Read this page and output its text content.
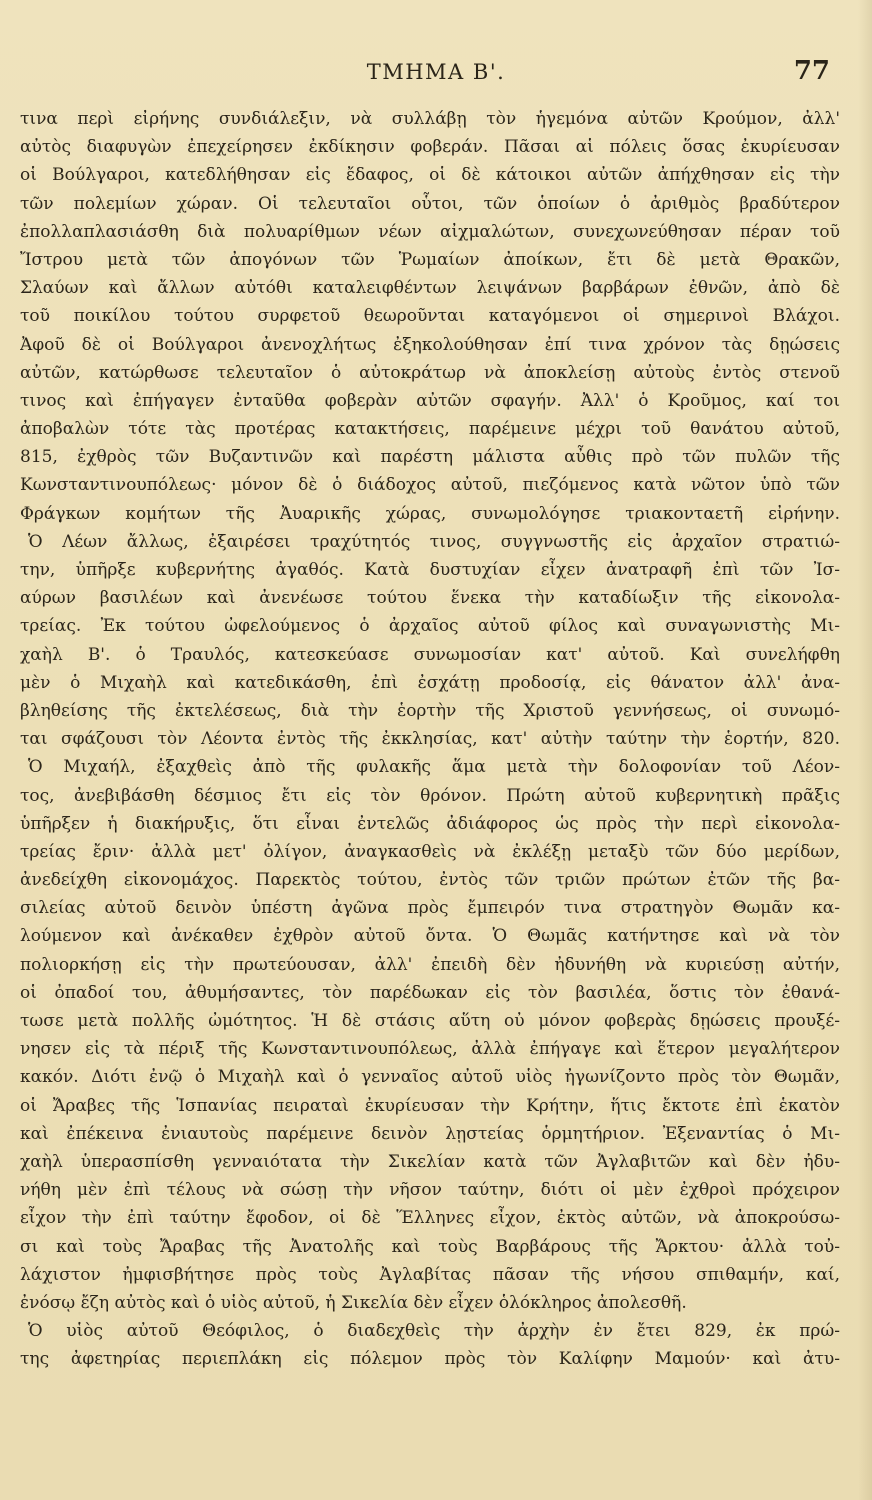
ΤΜΗΜΑ Β'.	77
τινα περὶ εἰρήνης συνδιάλεξιν, νὰ συλλάβῃ τὸν ἡγεμόνα αὐτῶν Κρούμον, ἀλλ'
αὐτὸς διαφυγὼν ἐπεχείρησεν ἐκδίκησιν φοβεράν. Πᾶσαι αἱ πόλεις ὅσας ἐκυρίευσαν
οἱ Βούλγαροι, κατεδλήθησαν εἰς ἔδαφος, οἱ δὲ κάτοικοι αὐτῶν ἀπήχθησαν εἰς τὴν
τῶν πολεμίων χώραν. Οἱ τελευταῖοι οὗτοι, τῶν ὁποίων ὁ ἀριθμὸς βραδύτερον
ἐπολλαπλασιάσθη διὰ πολυαρίθμων νέων αἰχμαλώτων, συνεχωνεύθησαν πέραν τοῦ
Ἴστρου μετὰ τῶν ἀπογόνων τῶν Ῥωμαίων ἀποίκων, ἔτι δὲ μετὰ Θρακῶν,
Σλαύων καὶ ἄλλων αὐτόθι καταλειφθέντων λειψάνων βαρβάρων ἐθνῶν, ἀπὸ δὲ
τοῦ ποικίλου τούτου συρφετοῦ θεωροῦνται καταγόμενοι οἱ σημερινοὶ Βλάχοι.
Ἀφοῦ δὲ οἱ Βούλγαροι ἀνενοχλήτως ἐξηκολούθησαν ἐπί τινα χρόνον τὰς δῃώσεις
αὐτῶν, κατώρθωσε τελευταῖον ὁ αὐτοκράτωρ νὰ ἀποκλείσῃ αὐτοὺς ἐντὸς στενοῦ
τινος καὶ ἐπήγαγεν ἐνταῦθα φοβερὰν αὐτῶν σφαγήν. Ἀλλ' ὁ Κροῦμος, καί τοι
ἀποβαλὼν τότε τὰς προτέρας κατακτήσεις, παρέμεινε μέχρι τοῦ θανάτου αὐτοῦ,
815, ἐχθρὸς τῶν Βυζαντινῶν καὶ παρέστη μάλιστα αὖθις πρὸ τῶν πυλῶν τῆς
Κωνσταντινουπόλεως· μόνον δὲ ὁ διάδοχος αὐτοῦ, πιεζόμενος κατὰ νῶτον ὑπὸ τῶν
Φράγκων κομήτων τῆς Ἀυαρικῆς χώρας, συνωμολόγησε τριακονταετῆ εἰρήνην.
Ὁ Λέων ἄλλως, ἐξαιρέσει τραχύτητός τινος, συγγνωστῆς εἰς ἀρχαῖον στρατιώ-
την, ὑπῆρξε κυβερνήτης ἀγαθός. Κατὰ δυστυχίαν εἶχεν ἀνατραφῆ ἐπὶ τῶν Ἰσ-
αύρων βασιλέων καὶ ἀνενέωσε τούτου ἕνεκα τὴν καταδίωξιν τῆς εἰκονολα-
τρείας. Ἐκ τούτου ὠφελούμενος ὁ ἀρχαῖος αὐτοῦ φίλος καὶ συναγωνιστὴς Μι-
χαὴλ Β'. ὁ Τραυλός, κατεσκεύασε συνωμοσίαν κατ' αὐτοῦ. Καὶ συνελήφθη
μὲν ὁ Μιχαὴλ καὶ κατεδικάσθη, ἐπὶ ἐσχάτῃ προδοσίᾳ, εἰς θάνατον ἀλλ' ἀνα-
βληθείσης τῆς ἐκτελέσεως, διὰ τὴν ἑορτὴν τῆς Χριστοῦ γεννήσεως, οἱ συνωμό-
ται σφάζουσι τὸν Λέοντα ἐντὸς τῆς ἐκκλησίας, κατ' αὐτὴν ταύτην τὴν ἑορτήν, 820.
Ὁ Μιχαήλ, ἐξαχθεὶς ἀπὸ τῆς φυλακῆς ἅμα μετὰ τὴν δολοφονίαν τοῦ Λέον-
τος, ἀνεβιβάσθη δέσμιος ἔτι εἰς τὸν θρόνον. Πρώτη αὐτοῦ κυβερνητικὴ πρᾶξις
ὑπῆρξεν ἡ διακήρυξις, ὅτι εἶναι ἐντελῶς ἀδιάφορος ὡς πρὸς τὴν περὶ εἰκονολα-
τρείας ἔριν· ἀλλὰ μετ' ὀλίγον, ἀναγκασθεὶς νὰ ἐκλέξῃ μεταξὺ τῶν δύο μερίδων,
ἀνεδείχθη εἰκονομάχος. Παρεκτὸς τούτου, ἐντὸς τῶν τριῶν πρώτων ἐτῶν τῆς βα-
σιλείας αὐτοῦ δεινὸν ὑπέστη ἀγῶνα πρὸς ἔμπειρόν τινα στρατηγὸν Θωμᾶν κα-
λούμενον καὶ ἀνέκαθεν ἐχθρὸν αὐτοῦ ὄντα. Ὁ Θωμᾶς κατήντησε καὶ νὰ τὸν
πολιορκήσῃ εἰς τὴν πρωτεύουσαν, ἀλλ' ἐπειδὴ δὲν ἠδυνήθη νὰ κυριεύσῃ αὐτήν,
οἱ ὀπαδοί του, ἀθυμήσαντες, τὸν παρέδωκαν εἰς τὸν βασιλέα, ὅστις τὸν ἐθανά-
τωσε μετὰ πολλῆς ὠμότητος. Ἡ δὲ στάσις αὕτη οὐ μόνον φοβερὰς δῃώσεις προυξέ-
νησεν εἰς τὰ πέριξ τῆς Κωνσταντινουπόλεως, ἀλλὰ ἐπήγαγε καὶ ἕτερον μεγαλήτερον
κακόν. Διότι ἐνῷ ὁ Μιχαὴλ καὶ ὁ γενναῖος αὐτοῦ υἱὸς ἠγωνίζοντο πρὸς τὸν Θωμᾶν,
οἱ Ἄραβες τῆς Ἱσπανίας πειραταὶ ἐκυρίευσαν τὴν Κρήτην, ἥτις ἔκτοτε ἐπὶ ἑκατὸν
καὶ ἐπέκεινα ἐνιαυτοὺς παρέμεινε δεινὸν λῃστείας ὁρμητήριον. Ἐξεναντίας ὁ Μι-
χαὴλ ὑπερασπίσθη γενναιότατα τὴν Σικελίαν κατὰ τῶν Ἀγλαβιτῶν καὶ δὲν ἠδυ-
νήθη μὲν ἐπὶ τέλους νὰ σώσῃ τὴν νῆσον ταύτην, διότι οἱ μὲν ἐχθροὶ πρόχειρον
εἶχον τὴν ἐπὶ ταύτην ἔφοδον, οἱ δὲ Ἕλληνες εἶχον, ἐκτὸς αὐτῶν, νὰ ἀποκρούσω-
σι καὶ τοὺς Ἄραβας τῆς Ἀνατολῆς καὶ τοὺς Βαρβάρους τῆς Ἄρκτου· ἀλλὰ τοὐ-
λάχιστον ἠμφισβήτησε πρὸς τοὺς Ἀγλαβίτας πᾶσαν τῆς νήσου σπιθαμήν, καί,
ἐνόσῳ ἔζη αὐτὸς καὶ ὁ υἱὸς αὐτοῦ, ἡ Σικελία δὲν εἶχεν ὁλόκληρος ἀπολεσθῆ.
Ὁ υἱὸς αὐτοῦ Θεόφιλος, ὁ διαδεχθεὶς τὴν ἀρχὴν ἐν ἔτει 829, ἐκ πρώ-
της ἀφετηρίας περιεπλάκη εἰς πόλεμον πρὸς τὸν Καλίφην Μαμούν· καὶ ἀτυ-
